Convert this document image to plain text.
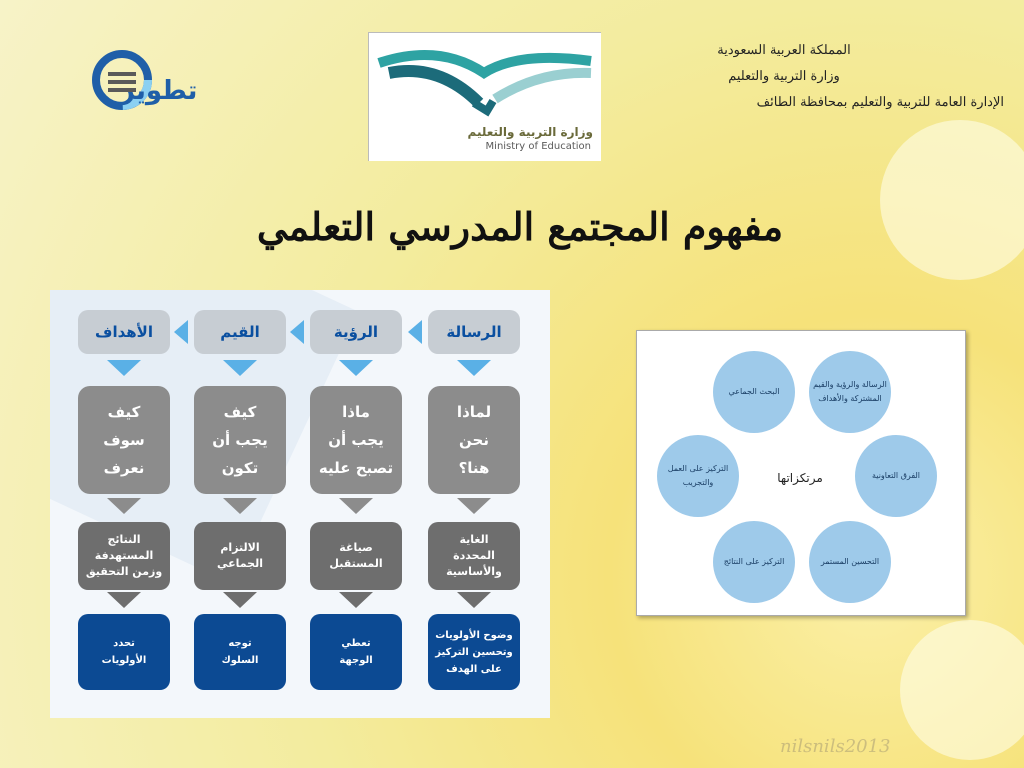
تطوير
وزارة التربية والتعليم
Ministry of Education
المملكة العربية السعودية
وزارة التربية والتعليم
الإدارة العامة للتربية والتعليم بمحافظة الطائف
مفهوم المجتمع المدرسي التعلمي
الرسالة
لماذا
نحن
هنا؟
الغاية
المحددة
والأساسية
وضوح الأولويات
وتحسين التركيز
على الهدف
الرؤية
ماذا
يجب أن
تصبح عليه
صياغة
المستقبل
تعطي
الوجهة
القيم
كيف
يجب أن
تكون
الالتزام
الجماعي
توجه
السلوك
الأهداف
كيف
سوف
نعرف
النتائج
المستهدفة
وزمن التحقيق
تحدد
الأولويات
مرتكزاتها
الرسالة والرؤية والقيم المشتركة والأهداف
الفرق التعاونية
التحسين المستمر
التركيز على النتائج
التركيز على العمل والتجريب
البحث الجماعي
nilsnils2013
